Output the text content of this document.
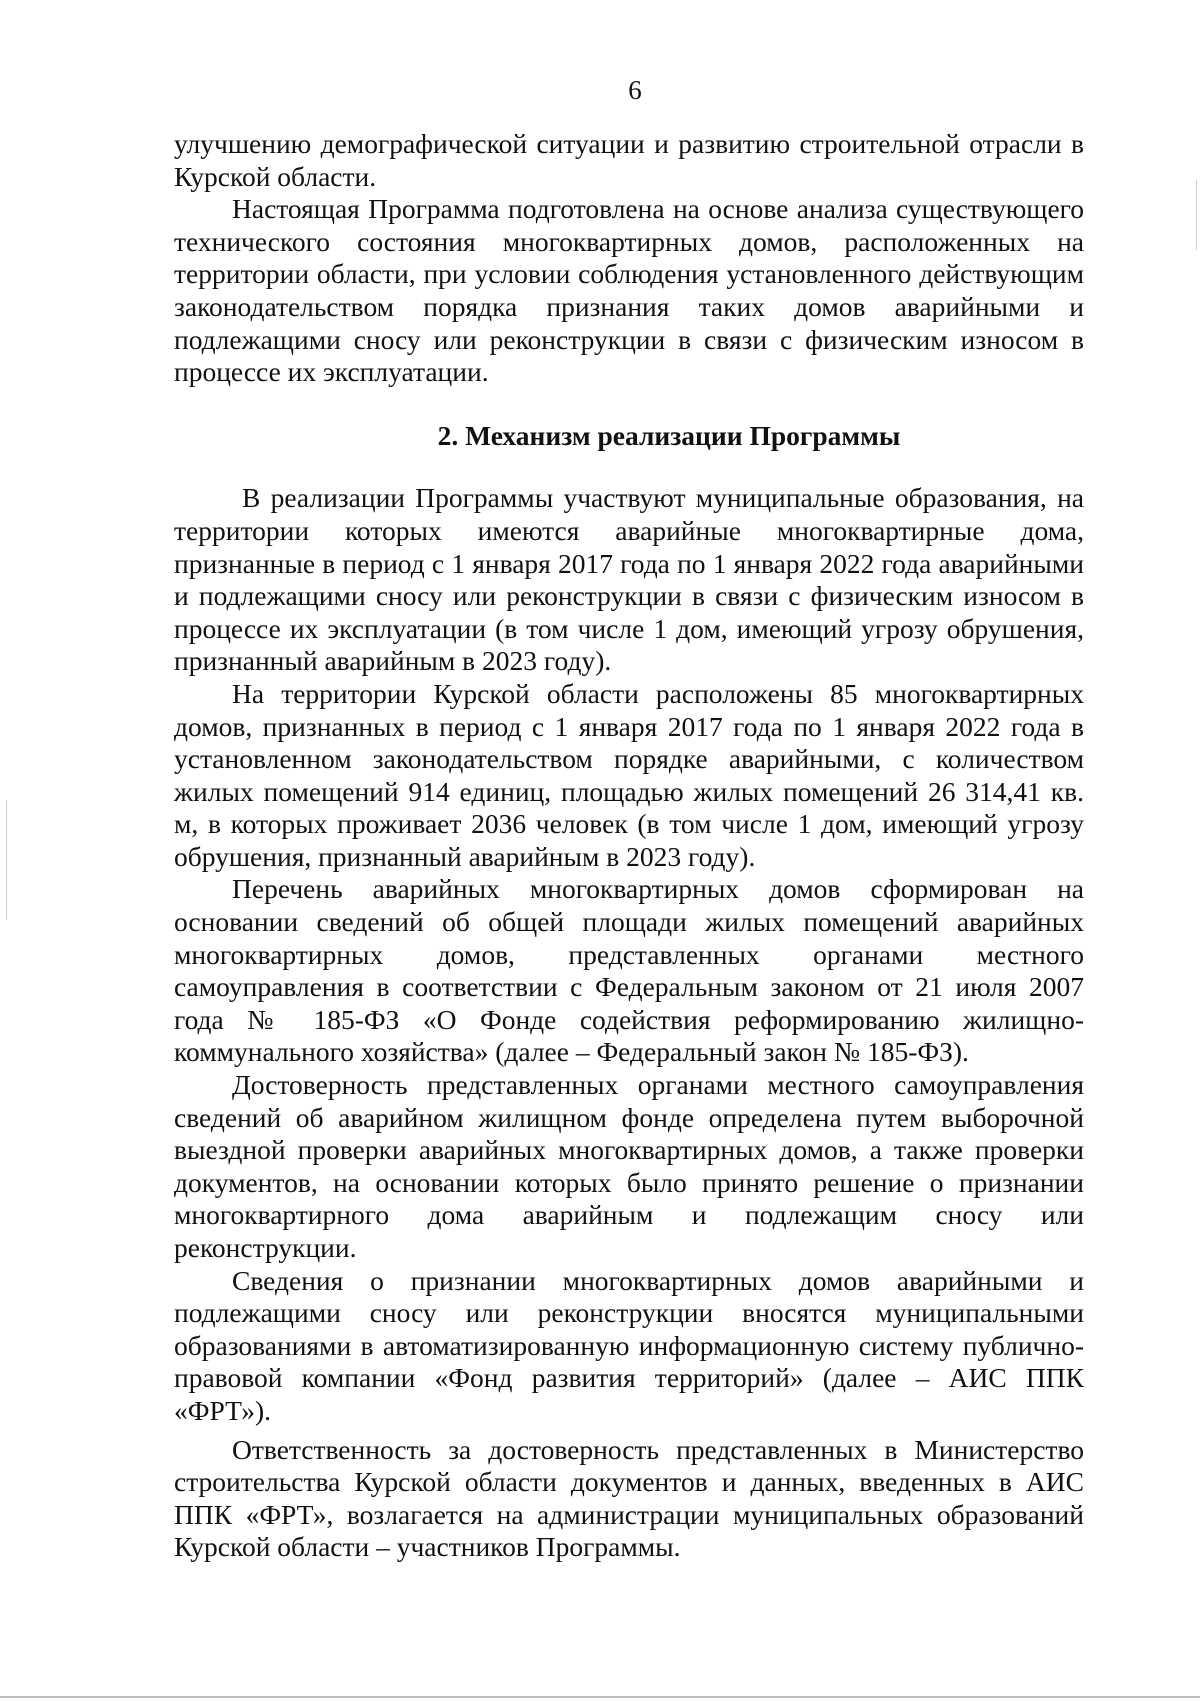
6

улучшению демографической ситуации и развитию строительной отрасли в Курской области.

Настоящая Программа подготовлена на основе анализа существующего технического состояния многоквартирных домов, расположенных на территории области, при условии соблюдения установленного действующим законодательством порядка признания таких домов аварийными и подлежащими сносу или реконструкции в связи с физическим износом в процессе их эксплуатации.

2. Механизм реализации Программы

В реализации Программы участвуют муниципальные образования, на территории которых имеются аварийные многоквартирные дома, признанные в период с 1 января 2017 года по 1 января 2022 года аварийными и подлежащими сносу или реконструкции в связи с физическим износом в процессе их эксплуатации (в том числе 1 дом, имеющий угрозу обрушения, признанный аварийным в 2023 году).

На территории Курской области расположены 85 многоквартирных домов, признанных в период с 1 января 2017 года по 1 января 2022 года в установленном законодательством порядке аварийными, с количеством жилых помещений 914 единиц, площадью жилых помещений 26 314,41 кв. м, в которых проживает 2036 человек (в том числе 1 дом, имеющий угрозу обрушения, признанный аварийным в 2023 году).

Перечень аварийных многоквартирных домов сформирован на основании сведений об общей площади жилых помещений аварийных многоквартирных домов, представленных органами местного самоуправления в соответствии с Федеральным законом от 21 июля 2007 года № 185-ФЗ «О Фонде содействия реформированию жилищно-коммунального хозяйства» (далее – Федеральный закон № 185-ФЗ).

Достоверность представленных органами местного самоуправления сведений об аварийном жилищном фонде определена путем выборочной выездной проверки аварийных многоквартирных домов, а также проверки документов, на основании которых было принято решение о признании многоквартирного дома аварийным и подлежащим сносу или реконструкции.

Сведения о признании многоквартирных домов аварийными и подлежащими сносу или реконструкции вносятся муниципальными образованиями в автоматизированную информационную систему публично-правовой компании «Фонд развития территорий» (далее – АИС ППК «ФРТ»).

Ответственность за достоверность представленных в Министерство строительства Курской области документов и данных, введенных в АИС ППК «ФРТ», возлагается на администрации муниципальных образований Курской области – участников Программы.
